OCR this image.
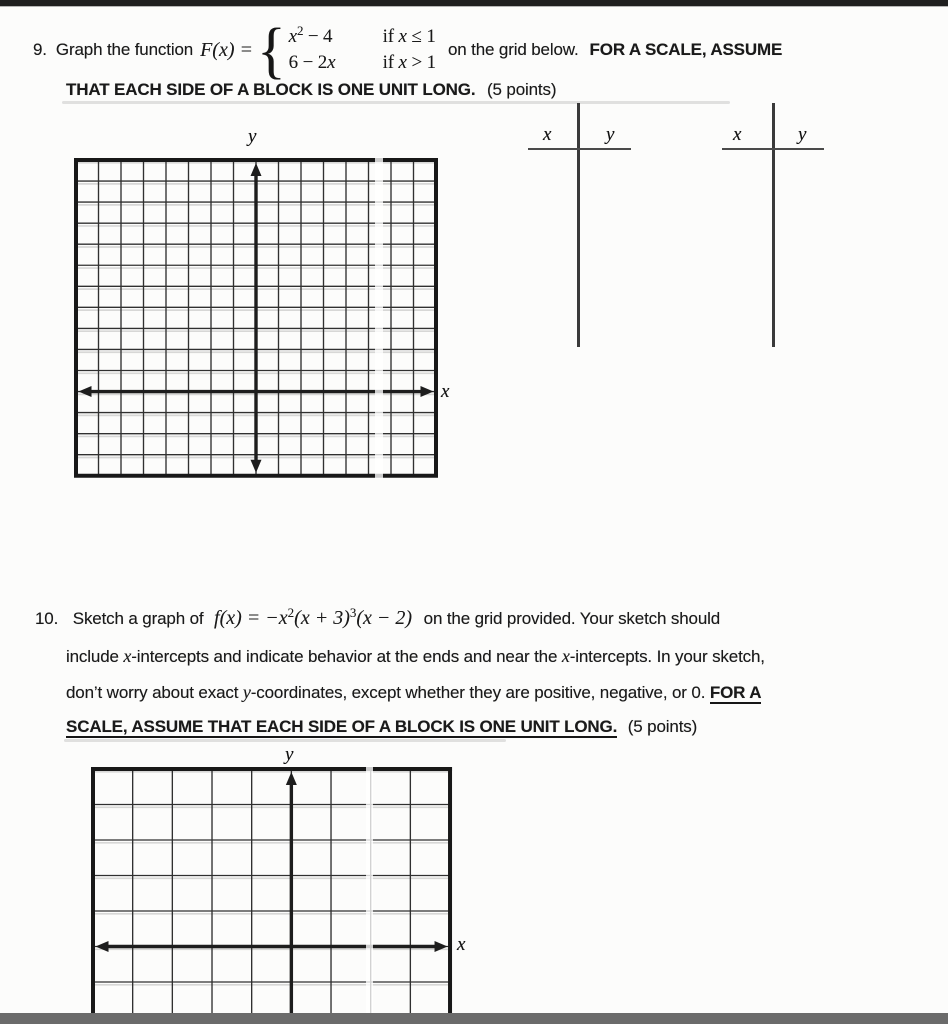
9. Graph the function F(x) = { $x^2 - 4$	if x ≤ 1
6 − 2x	if x > 1
on the grid below. FOR A SCALE, ASSUME
THAT EACH SIDE OF A BLOCK IS ONE UNIT LONG. (5 points)
y
x
x	y	x	y
10. Sketch a graph of $f(x) = -x^2(x + 3)^3(x - 2)$ on the grid provided. Your sketch should
include x-intercepts and indicate behavior at the ends and near the x-intercepts. In your sketch,
don’t worry about exact y-coordinates, except whether they are positive, negative, or 0. FOR A
SCALE, ASSUME THAT EACH SIDE OF A BLOCK IS ONE UNIT LONG. (5 points)
y
x
